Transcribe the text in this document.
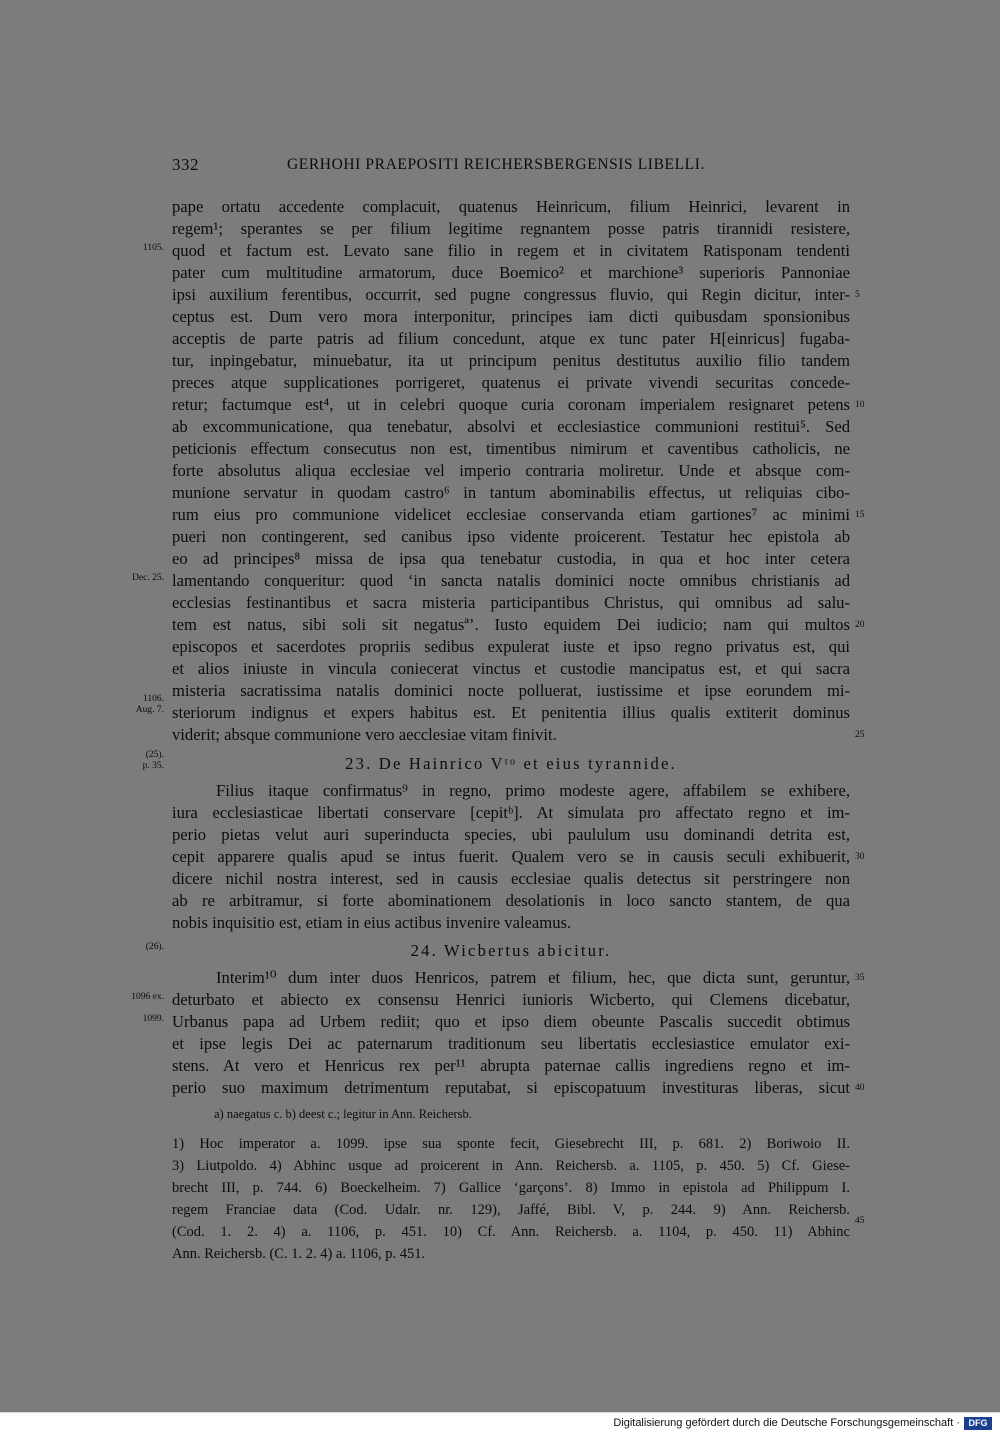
332	GERHOHI PRAEPOSITI REICHERSBERGENSIS LIBELLI.
pape ortatu accedente complacuit, quatenus Heinricum, filium Heinrici, levarent in
regem¹; sperantes se per filium legitime regnantem posse patris tirannidi resistere,
quod et factum est. Levato sane filio in regem et in civitatem Ratisponam tendenti
pater cum multitudine armatorum, duce Boemico² et marchione³ superioris Pannoniae
ipsi auxilium ferentibus, occurrit, sed pugne congressus fluvio, qui Regin dicitur, inter-
ceptus est. Dum vero mora interponitur, principes iam dicti quibusdam sponsionibus
acceptis de parte patris ad filium concedunt, atque ex tunc pater H[einricus] fugaba-
tur, inpingebatur, minuebatur, ita ut principum penitus destitutus auxilio filio tandem
preces atque supplicationes porrigeret, quatenus ei private vivendi securitas concede-
retur; factumque est⁴, ut in celebri quoque curia coronam imperialem resignaret petens
ab excommunicatione, qua tenebatur, absolvi et ecclesiastice communioni restitui⁵. Sed
peticionis effectum consecutus non est, timentibus nimirum et caventibus catholicis, ne
forte absolutus aliqua ecclesiae vel imperio contraria moliretur. Unde et absque com-
munione servatur in quodam castro⁶ in tantum abominabilis effectus, ut reliquias cibo-
rum eius pro communione videlicet ecclesiae conservanda etiam gartiones⁷ ac minimi
pueri non contingerent, sed canibus ipso vidente proicerent. Testatur hec epistola ab
eo ad principes⁸ missa de ipsa qua tenebatur custodia, in qua et hoc inter cetera
lamentando conqueritur: quod ‘in sancta natalis dominici nocte omnibus christianis ad
ecclesias festinantibus et sacra misteria participantibus Christus, qui omnibus ad salu-
tem est natus, sibi soli sit negatusª’. Iusto equidem Dei iudicio; nam qui multos
episcopos et sacerdotes propriis sedibus expulerat iuste et ipso regno privatus est, qui
et alios iniuste in vincula coniecerat vinctus et custodie mancipatus est, et qui sacra
misteria sacratissima natalis dominici nocte polluerat, iustissime et ipse eorundem mi-
steriorum indignus et expers habitus est. Et penitentia illius qualis extiterit dominus
viderit; absque communione vero aecclesiae vitam finivit.
23. De Hainrico Vᵗᵒ et eius tyrannide.
Filius itaque confirmatus⁹ in regno, primo modeste agere, affabilem se exhibere,
iura ecclesiasticae libertati conservare [cepitᵇ]. At simulata pro affectato regno et im-
perio pietas velut auri superinducta species, ubi paululum usu dominandi detrita est,
cepit apparere qualis apud se intus fuerit. Qualem vero se in causis seculi exhibuerit,
dicere nichil nostra interest, sed in causis ecclesiae qualis detectus sit perstringere non
ab re arbitramur, si forte abominationem desolationis in loco sancto stantem, de qua
nobis inquisitio est, etiam in eius actibus invenire valeamus.
24. Wicbertus abicitur.
Interim¹⁰ dum inter duos Henricos, patrem et filium, hec, que dicta sunt, geruntur,
deturbato et abiecto ex consensu Henrici iunioris Wicberto, qui Clemens dicebatur,
Urbanus papa ad Urbem rediit; quo et ipso diem obeunte Pascalis succedit obtimus
et ipse legis Dei ac paternarum traditionum seu libertatis ecclesiastice emulator exi-
stens. At vero et Henricus rex per¹¹ abrupta paternae callis ingrediens regno et im-
perio suo maximum detrimentum reputabat, si episcopatuum investituras liberas, sicut
1105.
Dec. 25.
1106.
Aug. 7.
(25).
p. 35.
(26).
1096 ex.
1099.
5
10
15
20
25
30
35
40
45
a) naegatus c. b) deest c.; legitur in Ann. Reichersb.
1) Hoc imperator a. 1099. ipse sua sponte fecit, Giesebrecht III, p. 681. 2) Boriwoio II.
3) Liutpoldo. 4) Abhinc usque ad proicerent in Ann. Reichersb. a. 1105, p. 450. 5) Cf. Giese-
brecht III, p. 744. 6) Boeckelheim. 7) Gallice ‘garçons’. 8) Immo in epistola ad Philippum I.
regem Franciae data (Cod. Udalr. nr. 129), Jaffé, Bibl. V, p. 244. 9) Ann. Reichersb.
(Cod. 1. 2. 4) a. 1106, p. 451. 10) Cf. Ann. Reichersb. a. 1104, p. 450. 11) Abhinc
Ann. Reichersb. (C. 1. 2. 4) a. 1106, p. 451.
Digitalisierung gefördert durch die Deutsche Forschungsgemeinschaft · DFG
